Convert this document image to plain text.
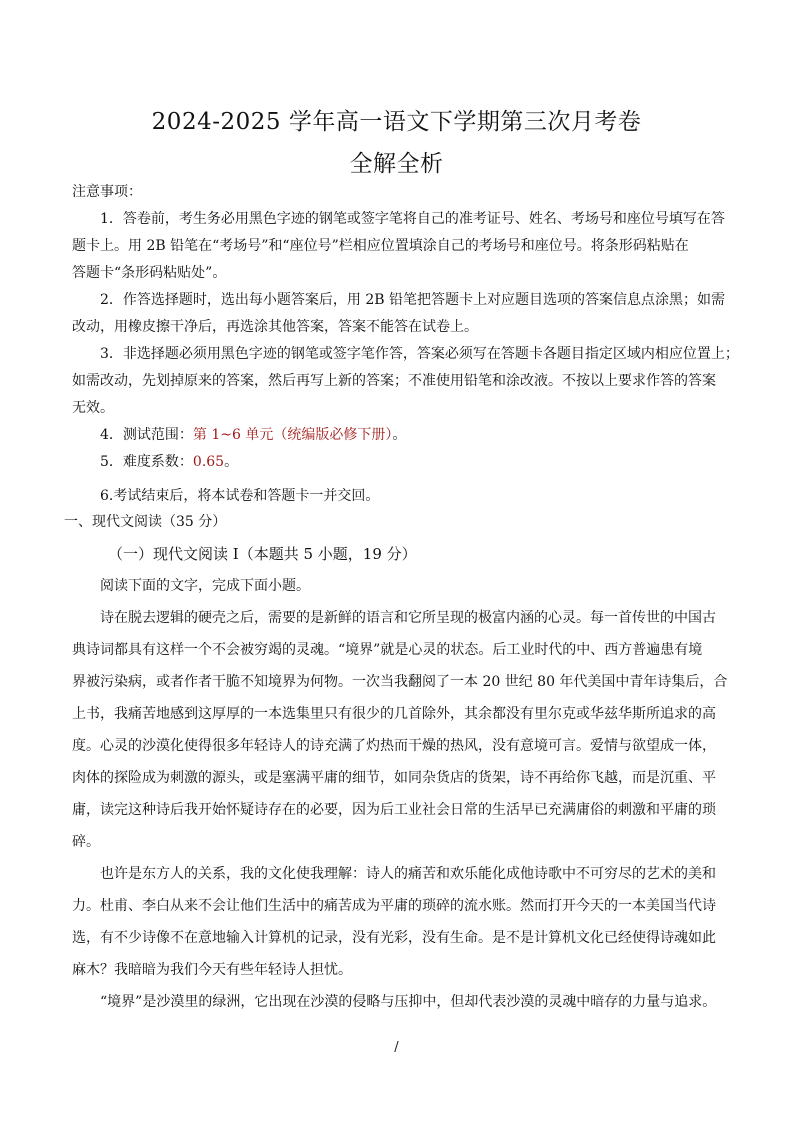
2024-2025 学年高一语文下学期第三次月考卷
全解全析
注意事项：
1．答卷前，考生务必用黑色字迹的钢笔或签字笔将自己的准考证号、姓名、考场号和座位号填写在答
题卡上。用 2B 铅笔在“考场号”和“座位号”栏相应位置填涂自己的考场号和座位号。将条形码粘贴在
答题卡“条形码粘贴处”。
2．作答选择题时，选出每小题答案后，用 2B 铅笔把答题卡上对应题目选项的答案信息点涂黑；如需
改动，用橡皮擦干净后，再选涂其他答案，答案不能答在试卷上。
3．非选择题必须用黑色字迹的钢笔或签字笔作答，答案必须写在答题卡各题目指定区域内相应位置上；
如需改动，先划掉原来的答案，然后再写上新的答案；不准使用铅笔和涂改液。不按以上要求作答的答案
无效。
4．测试范围：第 1~6 单元（统编版必修下册）。
5．难度系数：0.65。
6.考试结束后，将本试卷和答题卡一并交回。
一、现代文阅读（35 分）
（一）现代文阅读 I（本题共 5 小题，19 分）
阅读下面的文字，完成下面小题。
诗在脱去逻辑的硬壳之后，需要的是新鲜的语言和它所呈现的极富内涵的心灵。每一首传世的中国古
典诗词都具有这样一个不会被穷竭的灵魂。“境界”就是心灵的状态。后工业时代的中、西方普遍患有境
界被污染病，或者作者干脆不知境界为何物。一次当我翻阅了一本 20 世纪 80 年代美国中青年诗集后，合
上书，我痛苦地感到这厚厚的一本选集里只有很少的几首除外，其余都没有里尔克或华兹华斯所追求的高
度。心灵的沙漠化使得很多年轻诗人的诗充满了灼热而干燥的热风，没有意境可言。爱情与欲望成一体，
肉体的探险成为刺激的源头，或是塞满平庸的细节，如同杂货店的货架，诗不再给你飞越，而是沉重、平
庸，读完这种诗后我开始怀疑诗存在的必要，因为后工业社会日常的生活早已充满庸俗的刺激和平庸的琐
碎。
也许是东方人的关系，我的文化使我理解：诗人的痛苦和欢乐能化成他诗歌中不可穷尽的艺术的美和
力。杜甫、李白从来不会让他们生活中的痛苦成为平庸的琐碎的流水账。然而打开今天的一本美国当代诗
选，有不少诗像不在意地输入计算机的记录，没有光彩，没有生命。是不是计算机文化已经使得诗魂如此
麻木？我暗暗为我们今天有些年轻诗人担忧。
“境界”是沙漠里的绿洲，它出现在沙漠的侵略与压抑中，但却代表沙漠的灵魂中暗存的力量与追求。
/
